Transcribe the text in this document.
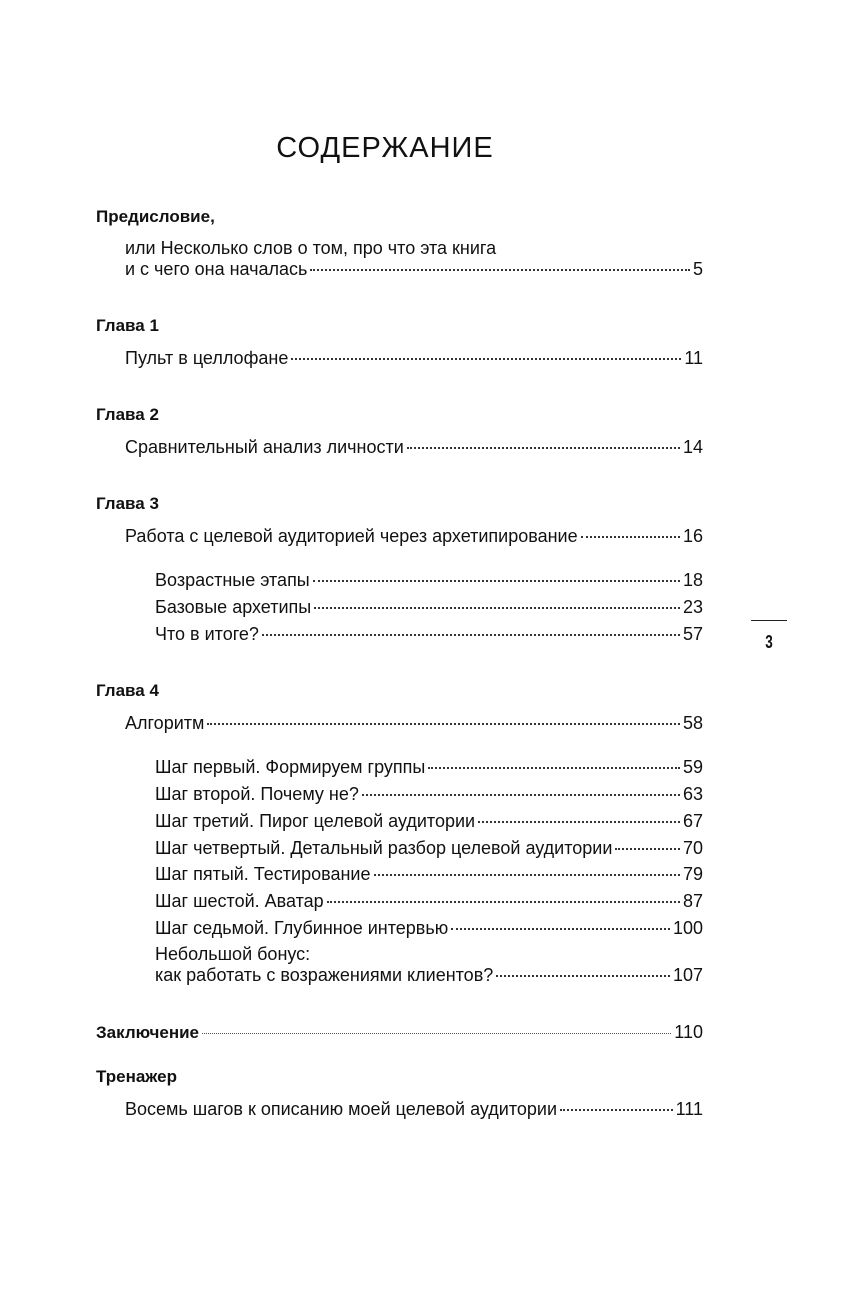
СОДЕРЖАНИЕ
Предисловие,
или Несколько слов о том, про что эта книга
и с чего она началась	5
Глава 1
Пульт в целлофане	11
Глава 2
Сравнительный анализ личности	14
Глава 3
Работа с целевой аудиторией через архетипирование	16
Возрастные этапы	18
Базовые архетипы	23
Что в итоге?	57
Глава 4
Алгоритм	58
Шаг первый. Формируем группы	59
Шаг второй. Почему не?	63
Шаг третий. Пирог целевой аудитории	67
Шаг четвертый. Детальный разбор целевой аудитории	70
Шаг пятый. Тестирование	79
Шаг шестой. Аватар	87
Шаг седьмой. Глубинное интервью	100
Небольшой бонус:
как работать с возражениями клиентов?	107
Заключение	110
Тренажер
Восемь шагов к описанию моей целевой аудитории	111
3
